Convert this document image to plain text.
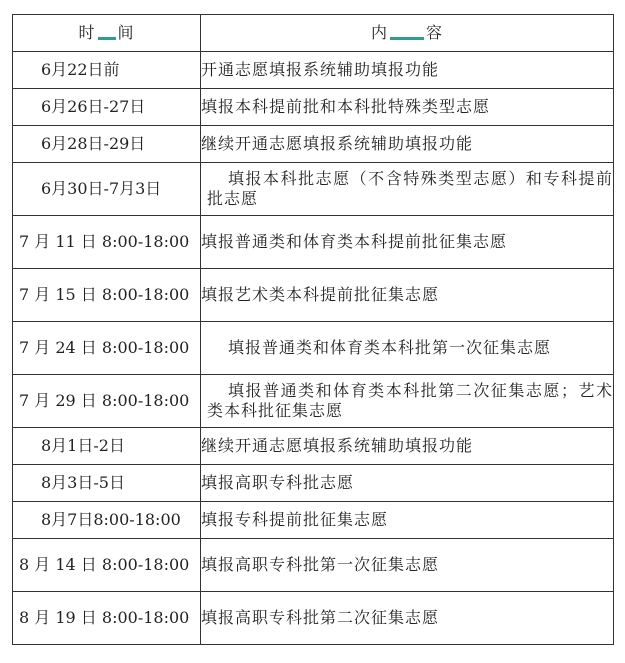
时 间	内 容
6月22日前	开通志愿填报系统辅助填报功能
6月26日-27日	填报本科提前批和本科批特殊类型志愿
6月28日-29日	继续开通志愿填报系统辅助填报功能
6月30日-7月3日	填报本科批志愿（不含特殊类型志愿）和专科提前批志愿
7 月 11 日 8:00-18:00	填报普通类和体育类本科提前批征集志愿
7 月 15 日 8:00-18:00	填报艺术类本科提前批征集志愿
7 月 24 日 8:00-18:00	填报普通类和体育类本科批第一次征集志愿
7 月 29 日 8:00-18:00	填报普通类和体育类本科批第二次征集志愿；艺术类本科批征集志愿
8月1日-2日	继续开通志愿填报系统辅助填报功能
8月3日-5日	填报高职专科批志愿
8月7日8:00-18:00	填报专科提前批征集志愿
8 月 14 日 8:00-18:00	填报高职专科批第一次征集志愿
8 月 19 日 8:00-18:00	填报高职专科批第二次征集志愿
